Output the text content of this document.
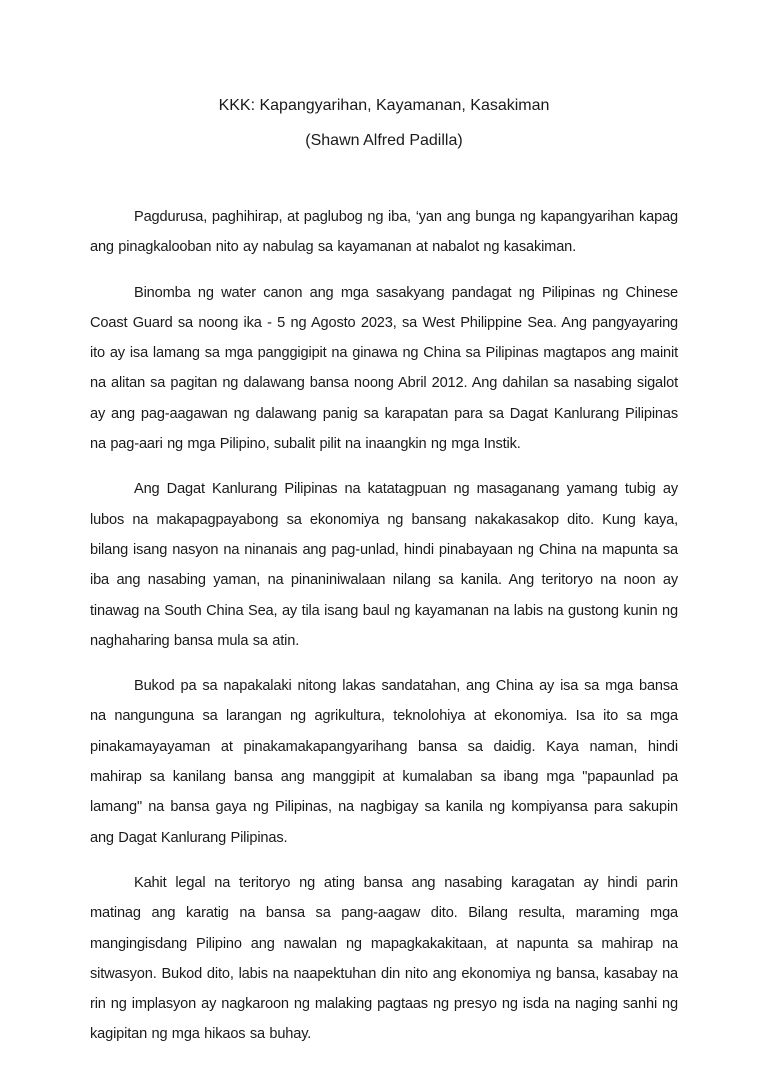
KKK: Kapangyarihan, Kayamanan, Kasakiman
(Shawn Alfred Padilla)

Pagdurusa, paghihirap, at paglubog ng iba, ‘yan ang bunga ng kapangyarihan kapag ang pinagkalooban nito ay nabulag sa kayamanan at nabalot ng kasakiman.

Binomba ng water canon ang mga sasakyang pandagat ng Pilipinas ng Chinese Coast Guard sa noong ika - 5 ng Agosto 2023, sa West Philippine Sea. Ang pangyayaring ito ay isa lamang sa mga panggigipit na ginawa ng China sa Pilipinas magtapos ang mainit na alitan sa pagitan ng dalawang bansa noong Abril 2012. Ang dahilan sa nasabing sigalot ay ang pag-aagawan ng dalawang panig sa karapatan para sa Dagat Kanlurang Pilipinas na pag-aari ng mga Pilipino, subalit pilit na inaangkin ng mga Instik.

Ang Dagat Kanlurang Pilipinas na katatagpuan ng masaganang yamang tubig ay lubos na makapagpayabong sa ekonomiya ng bansang nakakasakop dito. Kung kaya, bilang isang nasyon na ninanais ang pag-unlad, hindi pinabayaan ng China na mapunta sa iba ang nasabing yaman, na pinaniniwalaan nilang sa kanila. Ang teritoryo na noon ay tinawag na South China Sea, ay tila isang baul ng kayamanan na labis na gustong kunin ng naghaharing bansa mula sa atin.

Bukod pa sa napakalaki nitong lakas sandatahan, ang China ay isa sa mga bansa na nangunguna sa larangan ng agrikultura, teknolohiya at ekonomiya. Isa ito sa mga pinakamayayaman at pinakamakapangyarihang bansa sa daidig. Kaya naman, hindi mahirap sa kanilang bansa ang manggipit at kumalaban sa ibang mga "papaunlad pa lamang" na bansa gaya ng Pilipinas, na nagbigay sa kanila ng kompiyansa para sakupin ang Dagat Kanlurang Pilipinas.

Kahit legal na teritoryo ng ating bansa ang nasabing karagatan ay hindi parin matinag ang karatig na bansa sa pang-aagaw dito. Bilang resulta, maraming mga mangingisdang Pilipino ang nawalan ng mapagkakakitaan, at napunta sa mahirap na sitwasyon. Bukod dito, labis na naapektuhan din nito ang ekonomiya ng bansa, kasabay na rin ng implasyon ay nagkaroon ng malaking pagtaas ng presyo ng isda na naging sanhi ng kagipitan ng mga hikaos sa buhay.
